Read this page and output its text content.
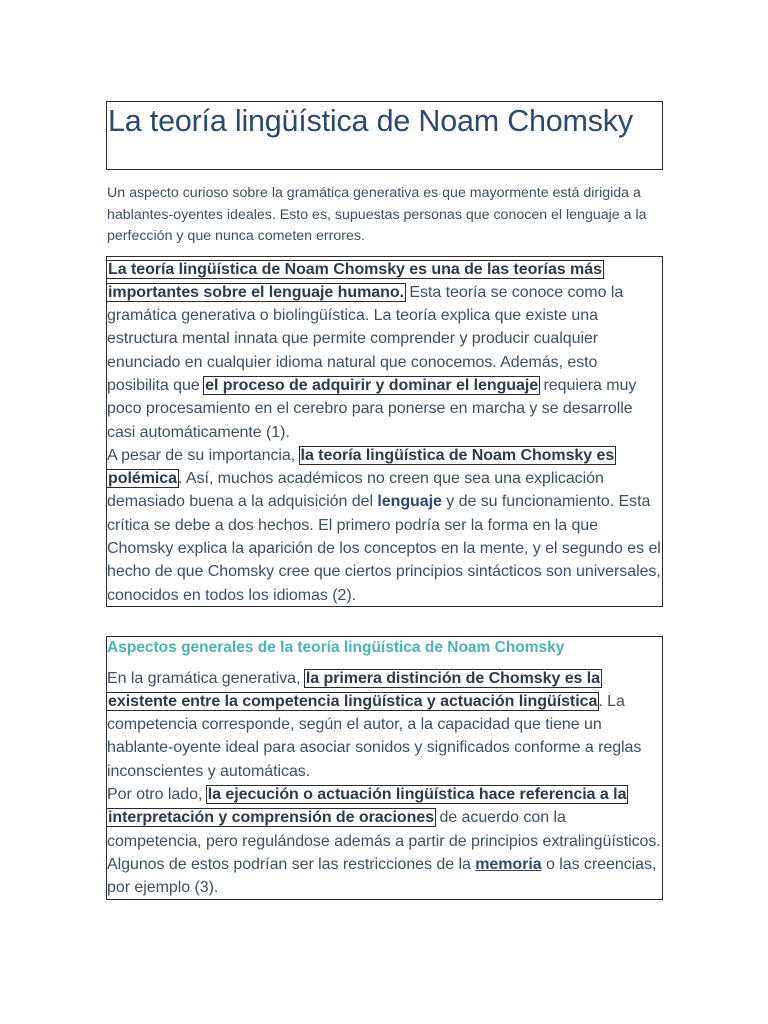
La teoría lingüística de Noam Chomsky

Un aspecto curioso sobre la gramática generativa es que mayormente está dirigida a hablantes-oyentes ideales. Esto es, supuestas personas que conocen el lenguaje a la perfección y que nunca cometen errores.

La teoría lingüística de Noam Chomsky es una de las teorías más importantes sobre el lenguaje humano. Esta teoría se conoce como la gramática generativa o biolingüística. La teoría explica que existe una estructura mental innata que permite comprender y producir cualquier enunciado en cualquier idioma natural que conocemos. Además, esto posibilita que el proceso de adquirir y dominar el lenguaje requiera muy poco procesamiento en el cerebro para ponerse en marcha y se desarrolle casi automáticamente (1).

A pesar de su importancia, la teoría lingüística de Noam Chomsky es polémica. Así, muchos académicos no creen que sea una explicación demasiado buena a la adquisición del lenguaje y de su funcionamiento. Esta crítica se debe a dos hechos. El primero podría ser la forma en la que Chomsky explica la aparición de los conceptos en la mente, y el segundo es el hecho de que Chomsky cree que ciertos principios sintácticos son universales, conocidos en todos los idiomas (2).

Aspectos generales de la teoría lingüística de Noam Chomsky

En la gramática generativa, la primera distinción de Chomsky es la existente entre la competencia lingüística y actuación lingüística. La competencia corresponde, según el autor, a la capacidad que tiene un hablante-oyente ideal para asociar sonidos y significados conforme a reglas inconscientes y automáticas.

Por otro lado, la ejecución o actuación lingüística hace referencia a la interpretación y comprensión de oraciones de acuerdo con la competencia, pero regulándose además a partir de principios extralingüísticos. Algunos de estos podrían ser las restricciones de la memoria o las creencias, por ejemplo (3).
